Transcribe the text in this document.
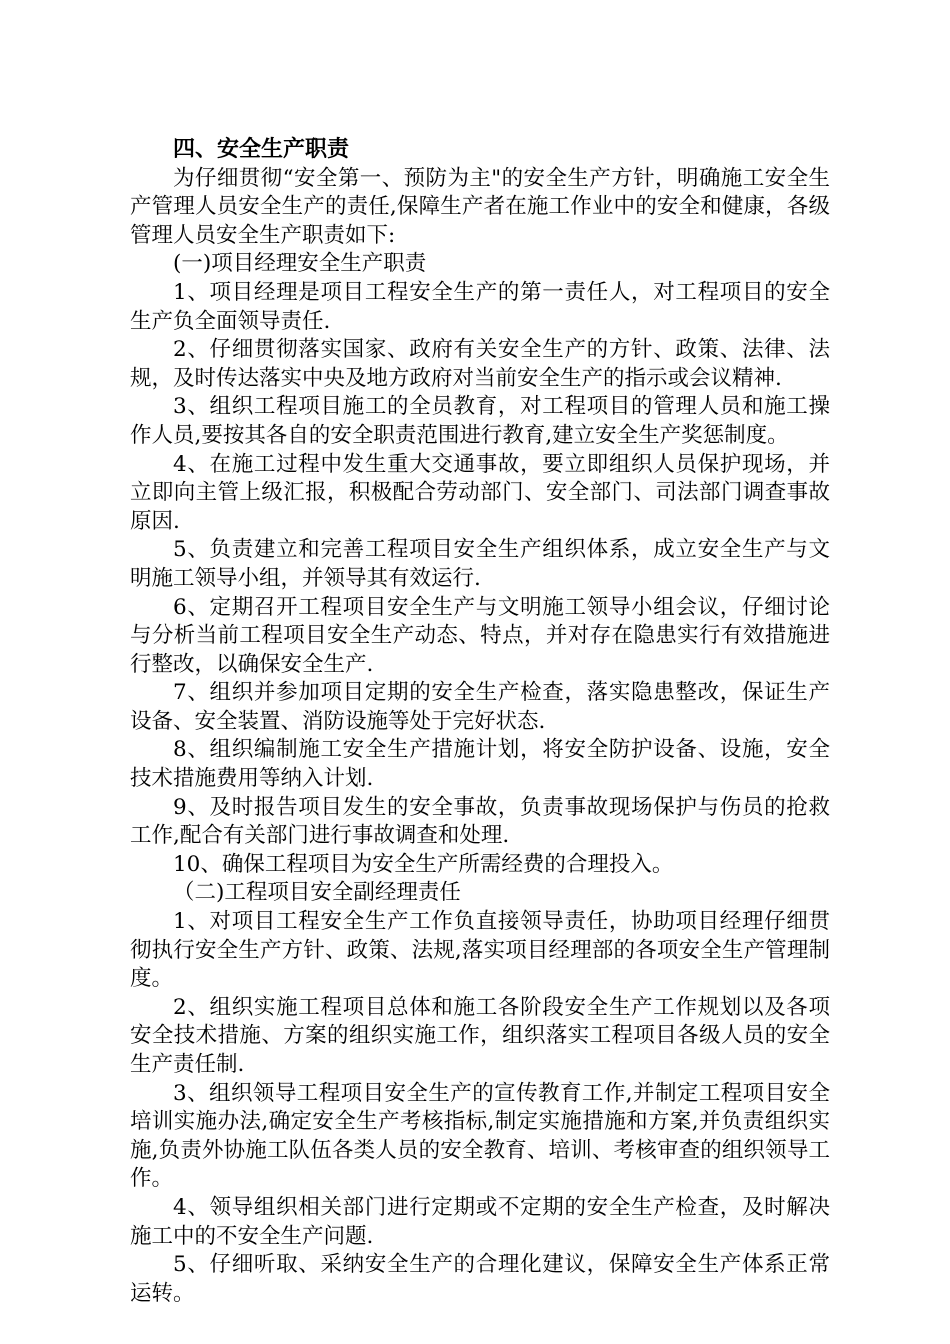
四、安全生产职责

为仔细贯彻“安全第一、预防为主"的安全生产方针，明确施工安全生产管理人员安全生产的责任,保障生产者在施工作业中的安全和健康，各级管理人员安全生产职责如下:

(一)项目经理安全生产职责

1、项目经理是项目工程安全生产的第一责任人，对工程项目的安全生产负全面领导责任.

2、仔细贯彻落实国家、政府有关安全生产的方针、政策、法律、法规，及时传达落实中央及地方政府对当前安全生产的指示或会议精神.

3、组织工程项目施工的全员教育，对工程项目的管理人员和施工操作人员,要按其各自的安全职责范围进行教育,建立安全生产奖惩制度。

4、在施工过程中发生重大交通事故，要立即组织人员保护现场，并立即向主管上级汇报，积极配合劳动部门、安全部门、司法部门调查事故原因.

5、负责建立和完善工程项目安全生产组织体系，成立安全生产与文明施工领导小组，并领导其有效运行.

6、定期召开工程项目安全生产与文明施工领导小组会议，仔细讨论与分析当前工程项目安全生产动态、特点，并对存在隐患实行有效措施进行整改，以确保安全生产.

7、组织并参加项目定期的安全生产检查，落实隐患整改，保证生产设备、安全装置、消防设施等处于完好状态.

8、组织编制施工安全生产措施计划，将安全防护设备、设施，安全技术措施费用等纳入计划.

9、及时报告项目发生的安全事故，负责事故现场保护与伤员的抢救工作,配合有关部门进行事故调查和处理.

10、确保工程项目为安全生产所需经费的合理投入。

（二)工程项目安全副经理责任

1、对项目工程安全生产工作负直接领导责任，协助项目经理仔细贯彻执行安全生产方针、政策、法规,落实项目经理部的各项安全生产管理制度。

2、组织实施工程项目总体和施工各阶段安全生产工作规划以及各项安全技术措施、方案的组织实施工作，组织落实工程项目各级人员的安全生产责任制.

3、组织领导工程项目安全生产的宣传教育工作,并制定工程项目安全培训实施办法,确定安全生产考核指标,制定实施措施和方案,并负责组织实施,负责外协施工队伍各类人员的安全教育、培训、考核审查的组织领导工作。

4、领导组织相关部门进行定期或不定期的安全生产检查，及时解决施工中的不安全生产问题.

5、仔细听取、采纳安全生产的合理化建议，保障安全生产体系正常运转。
